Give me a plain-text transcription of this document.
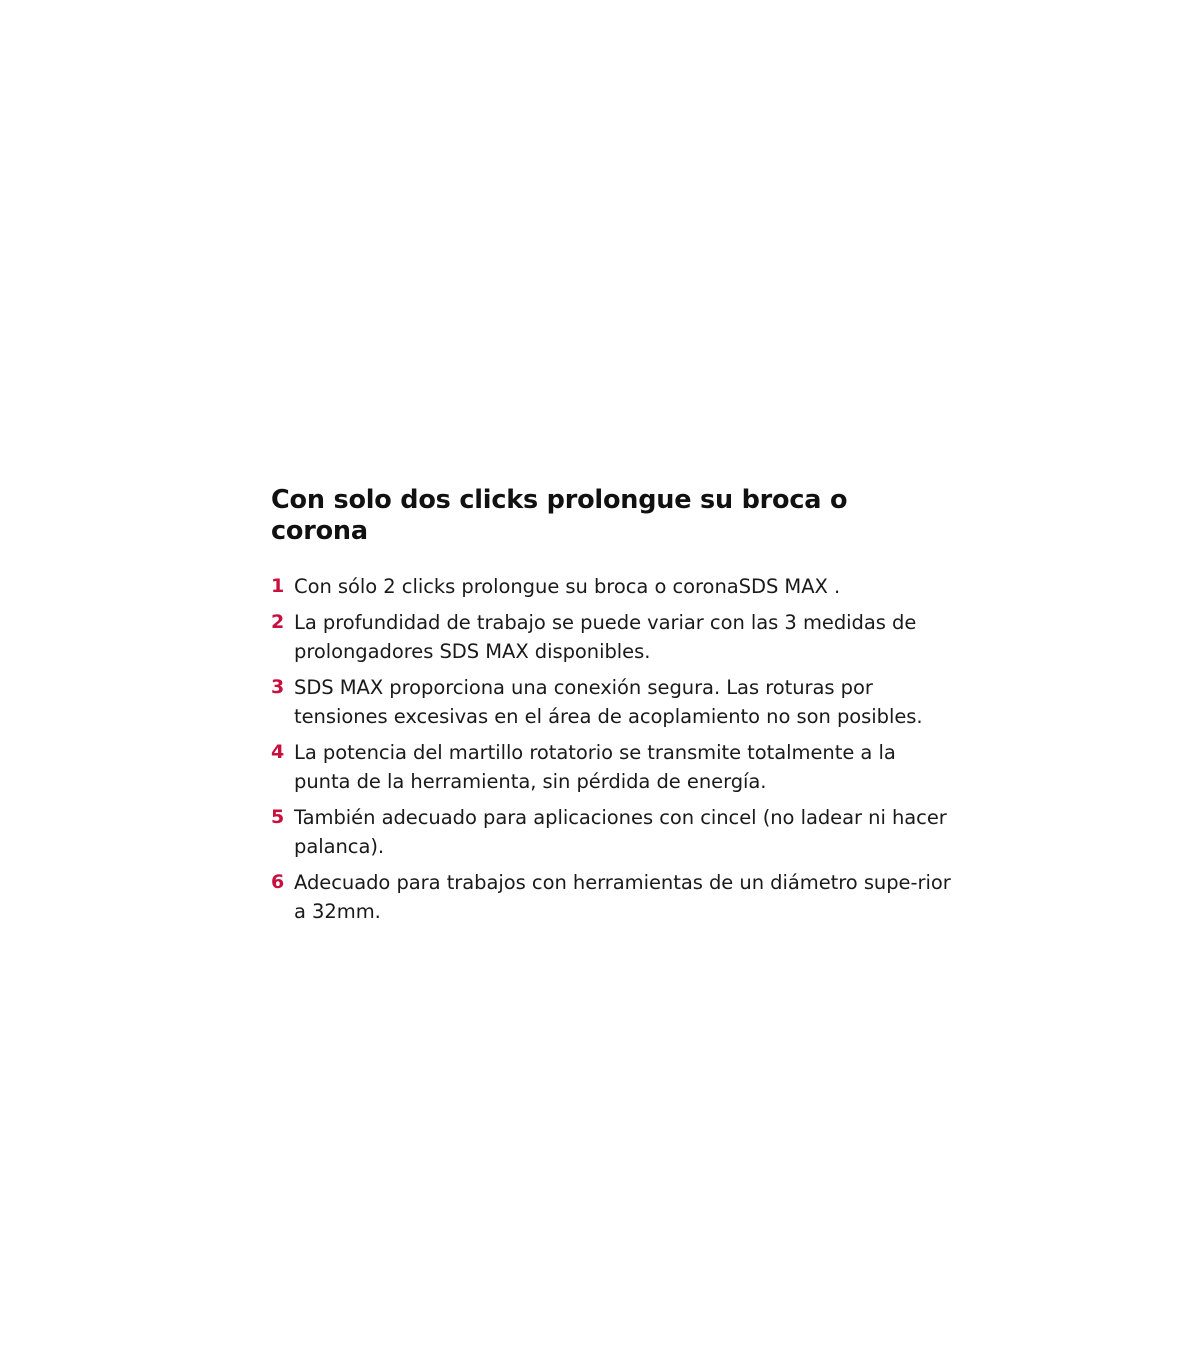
Con solo dos clicks prolongue su broca o corona
1 Con sólo 2 clicks prolongue su broca o coronaSDS MAX .
2 La profundidad de trabajo se puede variar con las 3 medidas de prolongadores SDS MAX disponibles.
3 SDS MAX proporciona una conexión segura. Las roturas por tensiones excesivas en el área de acoplamiento no son posibles.
4 La potencia del martillo rotatorio se transmite totalmente a la punta de la herramienta, sin pérdida de energía.
5 También adecuado para aplicaciones con cincel (no ladear ni hacer palanca).
6 Adecuado para trabajos con herramientas de un diámetro supe-rior a 32mm.
